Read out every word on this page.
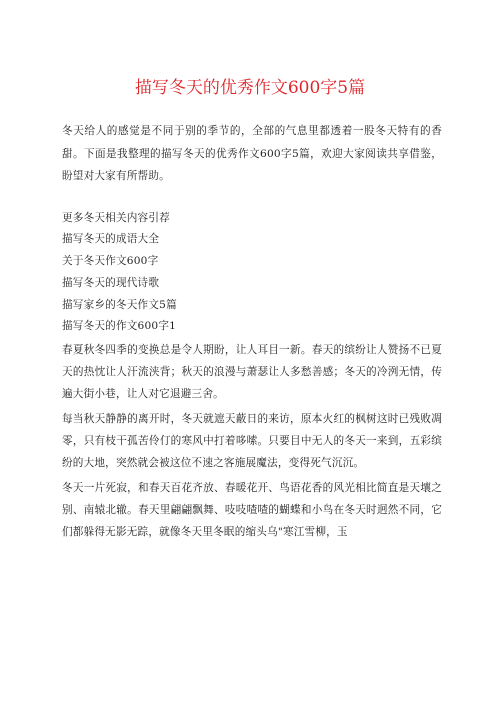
描写冬天的优秀作文600字5篇

冬天给人的感觉是不同于别的季节的，全部的气息里都透着一股冬天特有的香甜。下面是我整理的描写冬天的优秀作文600字5篇，欢迎大家阅读共享借鉴，盼望对大家有所帮助。

更多冬天相关内容引荐
描写冬天的成语大全
关于冬天作文600字
描写冬天的现代诗歌
描写家乡的冬天作文5篇
描写冬天的作文600字1

春夏秋冬四季的变换总是令人期盼，让人耳目一新。春天的缤纷让人赞扬不已夏天的热忱让人汗流浃背；秋天的浪漫与萧瑟让人多愁善感；冬天的冷洌无情，传遍大街小巷，让人对它退避三舍。

每当秋天静静的离开时，冬天就遮天蔽日的来访，原本火红的枫树这时已残败凋零，只有枝干孤苦伶仃的寒风中打着哆嗦。只要目中无人的冬天一来到，五彩缤纷的大地，突然就会被这位不速之客施展魔法，变得死气沉沉。

冬天一片死寂，和春天百花齐放、春暖花开、鸟语花香的风光相比简直是天壤之别、南辕北辙。春天里翩翩飘舞、吱吱喳喳的蝴蝶和小鸟在冬天时迥然不同，它们都躲得无影无踪，就像冬天里冬眠的缩头乌"寒江雪柳，玉
